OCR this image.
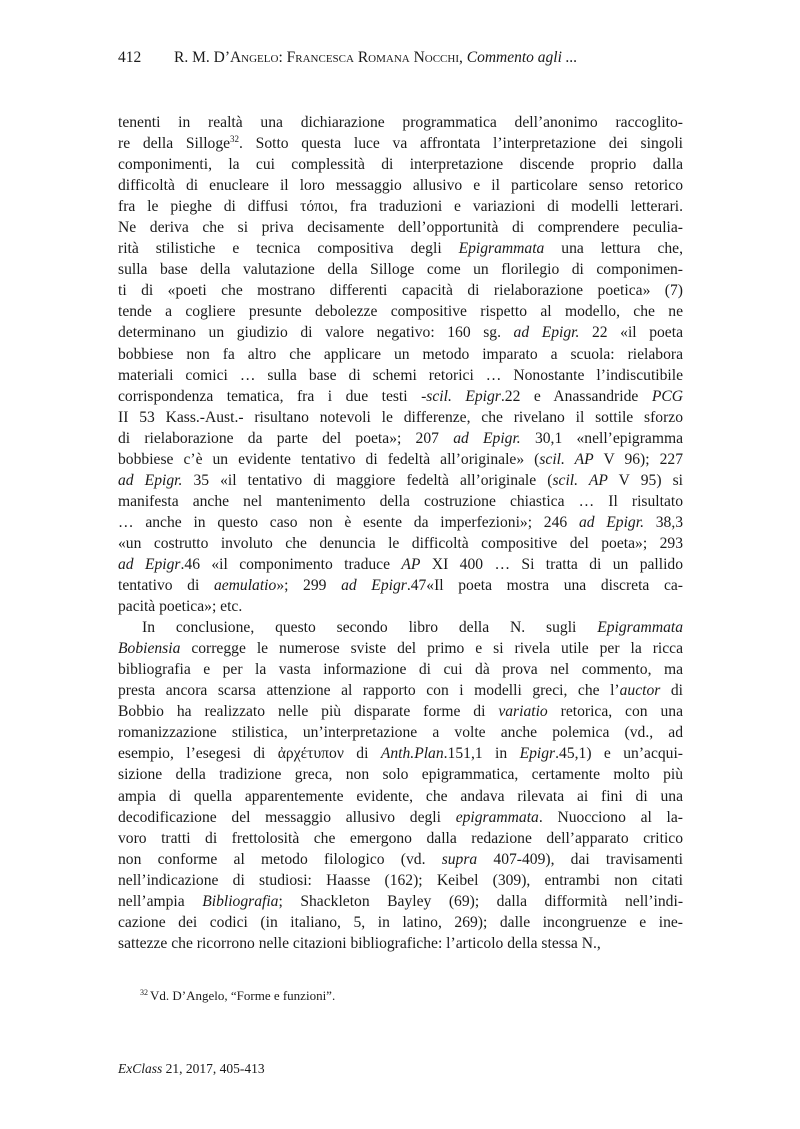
412 R. M. D’Angelo: Francesca Romana Nocchi, Commento agli ...

tenenti in realtà una dichiarazione programmatica dell’anonimo raccoglito-
re della Silloge$^{32}$. Sotto questa luce va affrontata l’interpretazione dei singoli
componimenti, la cui complessità di interpretazione discende proprio dalla
difficoltà di enucleare il loro messaggio allusivo e il particolare senso retorico
fra le pieghe di diffusi τόποι, fra traduzioni e variazioni di modelli letterari.
Ne deriva che si priva decisamente dell’opportunità di comprendere peculia-
rità stilistiche e tecnica compositiva degli Epigrammata una lettura che,
sulla base della valutazione della Silloge come un florilegio di componimen-
ti di «poeti che mostrano differenti capacità di rielaborazione poetica» (7)
tende a cogliere presunte debolezze compositive rispetto al modello, che ne
determinano un giudizio di valore negativo: 160 sg. ad Epigr. 22 «il poeta
bobbiese non fa altro che applicare un metodo imparato a scuola: rielabora
materiali comici … sulla base di schemi retorici … Nonostante l’indiscutibile
corrispondenza tematica, fra i due testi -scil. Epigr.22 e Anassandride PCG
II 53 Kass.-Aust.- risultano notevoli le differenze, che rivelano il sottile sforzo
di rielaborazione da parte del poeta»; 207 ad Epigr. 30,1 «nell’epigramma
bobbiese c’è un evidente tentativo di fedeltà all’originale» (scil. AP V 96); 227
ad Epigr. 35 «il tentativo di maggiore fedeltà all’originale (scil. AP V 95) si
manifesta anche nel mantenimento della costruzione chiastica … Il risultato
… anche in questo caso non è esente da imperfezioni»; 246 ad Epigr. 38,3
«un costrutto involuto che denuncia le difficoltà compositive del poeta»; 293
ad Epigr.46 «il componimento traduce AP XI 400 … Si tratta di un pallido
tentativo di aemulatio»; 299 ad Epigr.47«Il poeta mostra una discreta ca-
pacità poetica»; etc.

In conclusione, questo secondo libro della N. sugli Epigrammata
Bobiensia corregge le numerose sviste del primo e si rivela utile per la ricca
bibliografia e per la vasta informazione di cui dà prova nel commento, ma
presta ancora scarsa attenzione al rapporto con i modelli greci, che l’auctor di
Bobbio ha realizzato nelle più disparate forme di variatio retorica, con una
romanizzazione stilistica, un’interpretazione a volte anche polemica (vd., ad
esempio, l’esegesi di ἀρχέτυπον di Anth.Plan.151,1 in Epigr.45,1) e un’acqui-
sizione della tradizione greca, non solo epigrammatica, certamente molto più
ampia di quella apparentemente evidente, che andava rilevata ai fini di una
decodificazione del messaggio allusivo degli epigrammata. Nuocciono al la-
voro tratti di frettolosità che emergono dalla redazione dell’apparato critico
non conforme al metodo filologico (vd. supra 407-409), dai travisamenti
nell’indicazione di studiosi: Haasse (162); Keibel (309), entrambi non citati
nell’ampia Bibliografia; Shackleton Bayley (69); dalla difformità nell’indi-
cazione dei codici (in italiano, 5, in latino, 269); dalle incongruenze e ine-
sattezze che ricorrono nelle citazioni bibliografiche: l’articolo della stessa N.,

$^{32}$ Vd. D’Angelo, “Forme e funzioni”.
ExClass 21, 2017, 405-413
